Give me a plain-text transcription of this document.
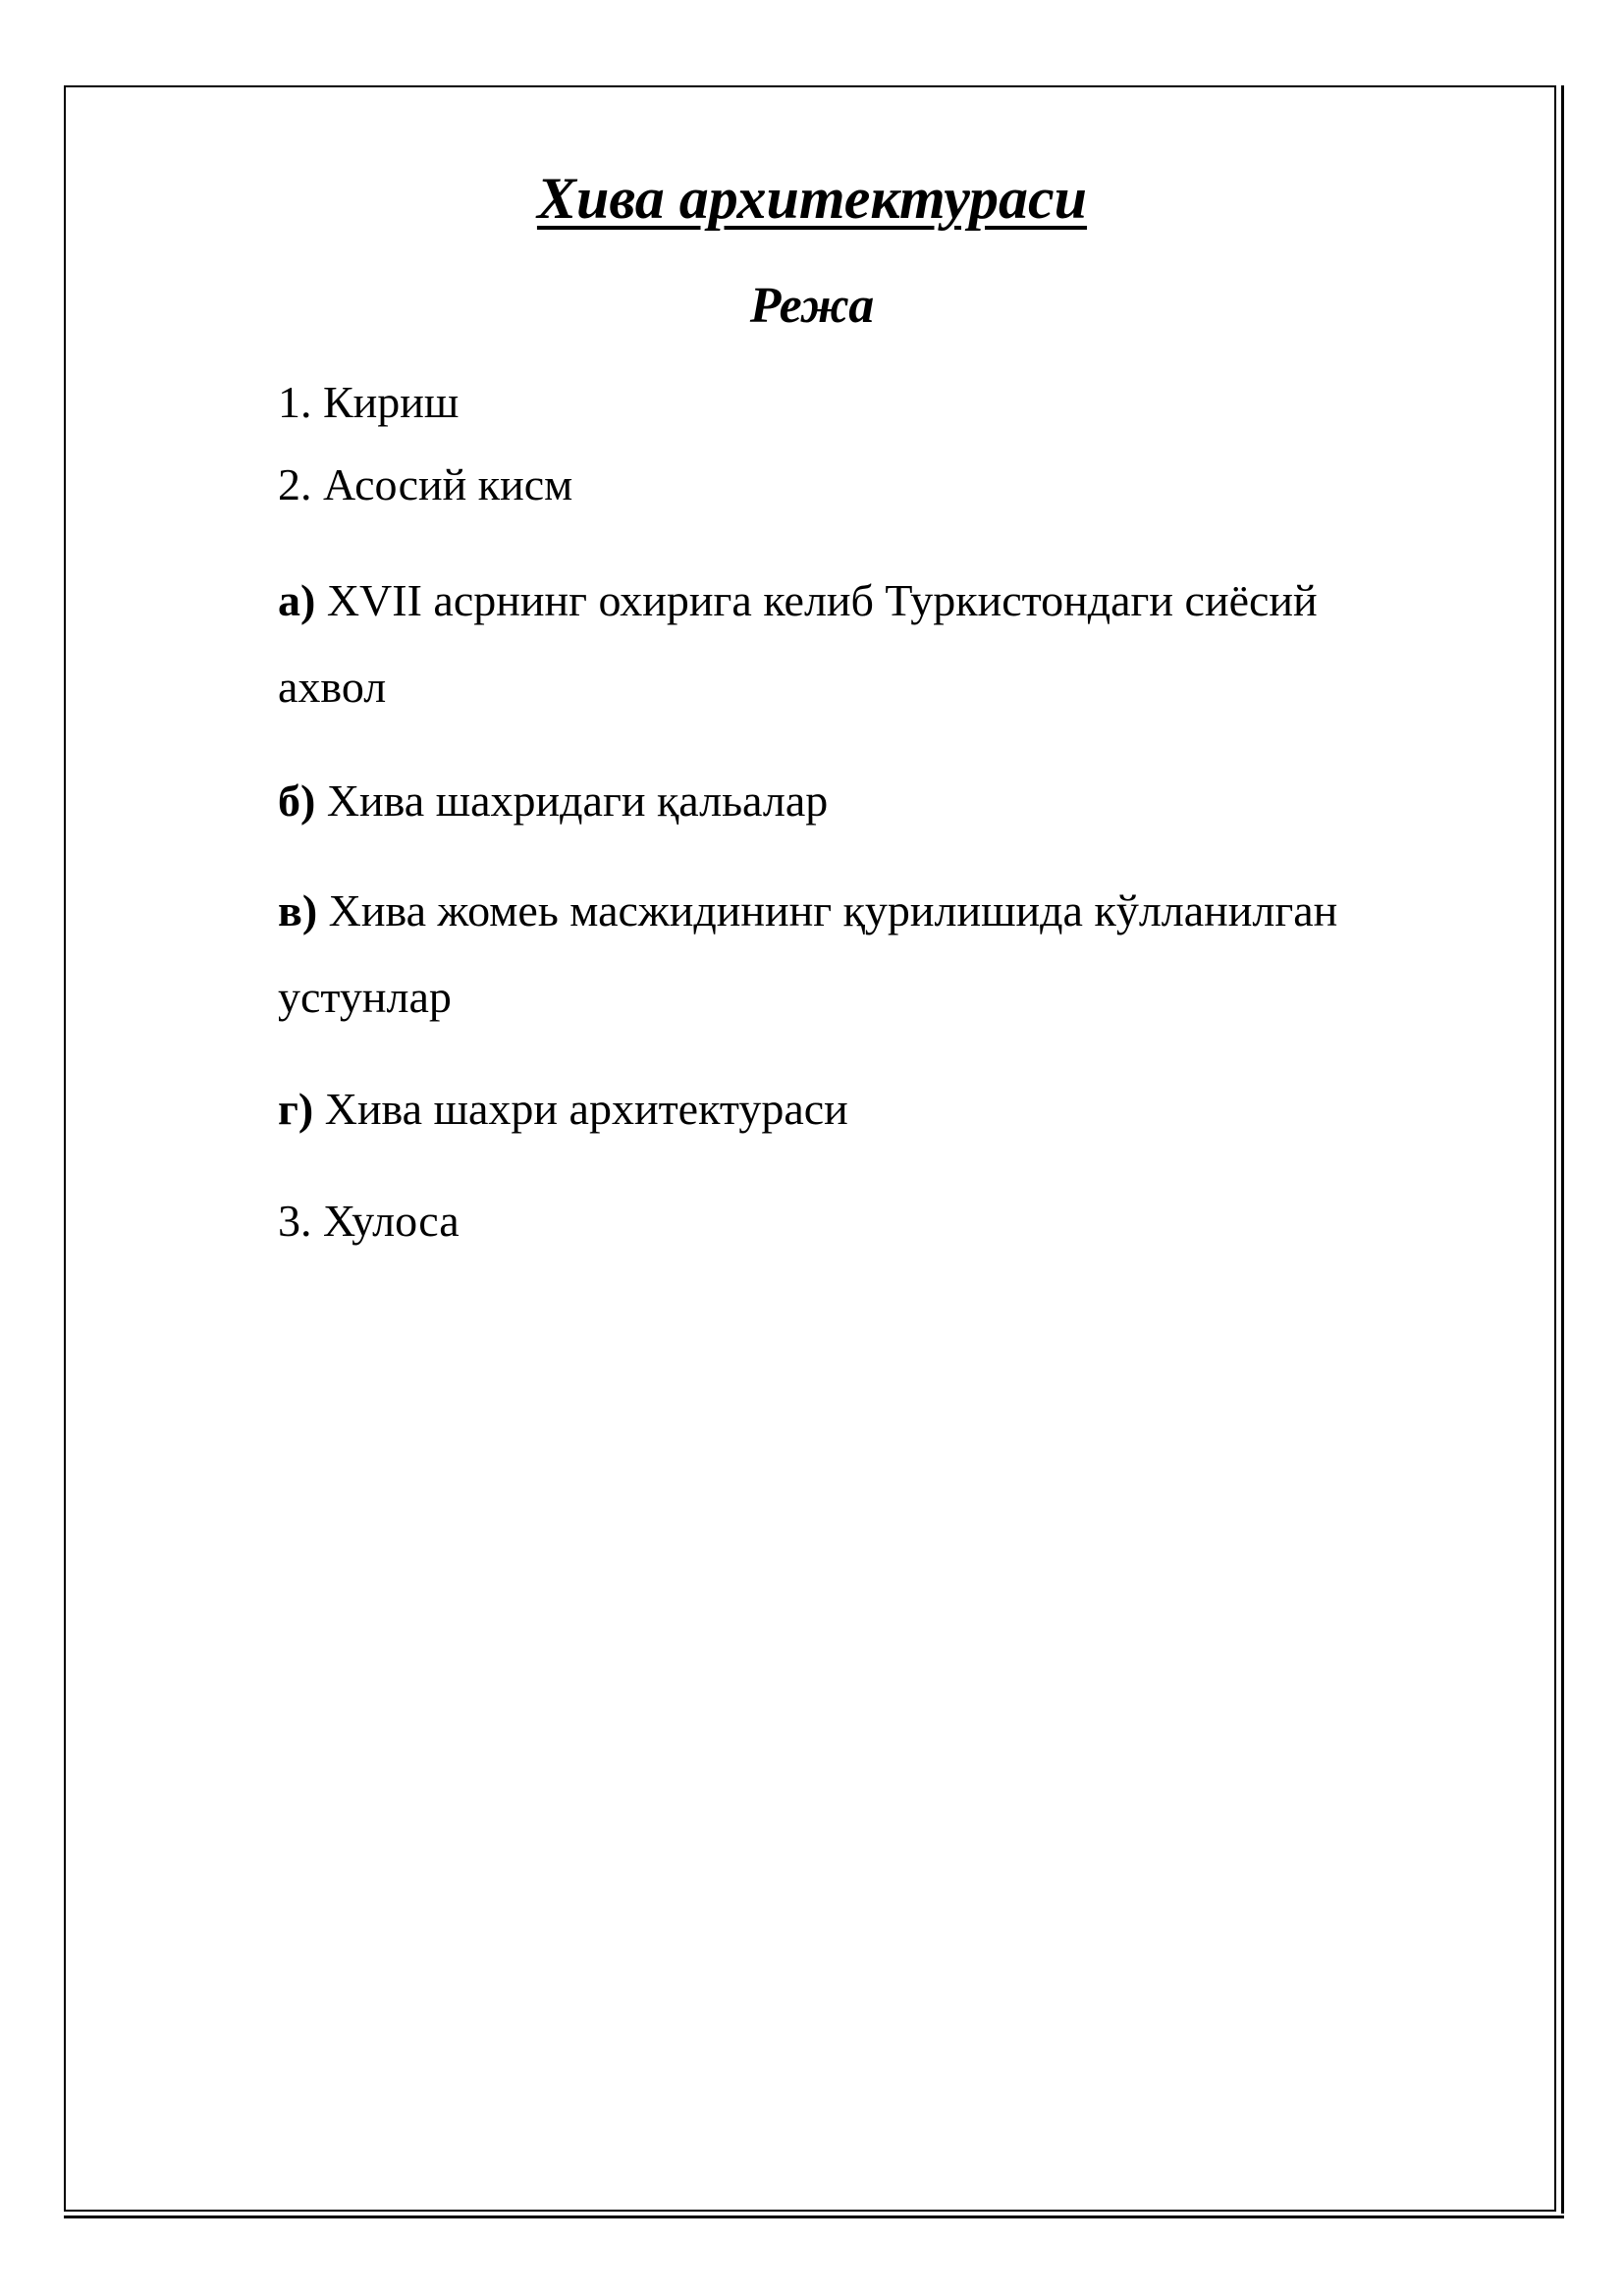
Хива архитектураси
Режа

1. Кириш

2. Асосий кисм

а) XVII асрнинг охирига келиб Туркистондаги сиёсий

ахвол

б) Хива шахридаги қальалар

в) Хива жомеь масжидининг қурилишида кўлланилган

устунлар

г) Хива шахри архитектураси

3. Хулоса
